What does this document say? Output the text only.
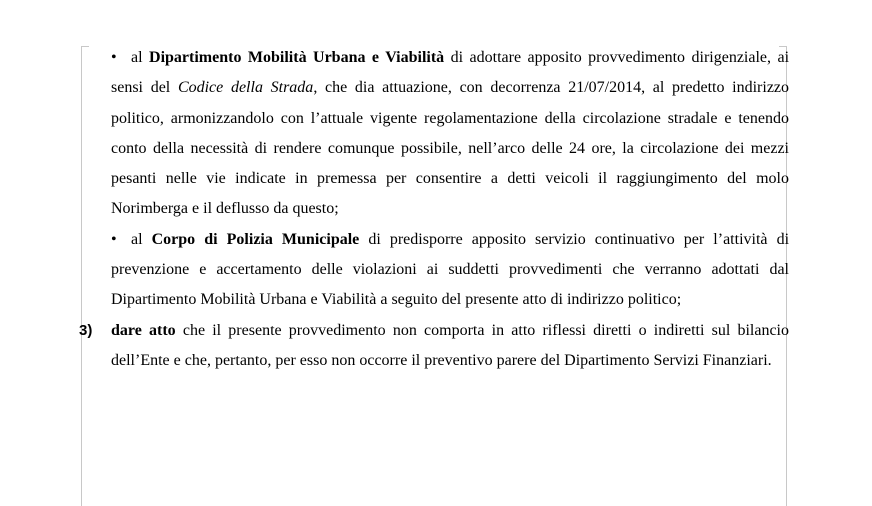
• al Dipartimento Mobilità Urbana e Viabilità di adottare apposito provvedimento dirigenziale, ai sensi del Codice della Strada, che dia attuazione, con decorrenza 21/07/2014, al predetto indirizzo politico, armonizzandolo con l’attuale vigente regolamentazione della circolazione stradale e tenendo conto della necessità di rendere comunque possibile, nell’arco delle 24 ore, la circolazione dei mezzi pesanti nelle vie indicate in premessa per consentire a detti veicoli il raggiungimento del molo Norimberga e il deflusso da questo;

• al Corpo di Polizia Municipale di predisporre apposito servizio continuativo per l’attività di prevenzione e accertamento delle violazioni ai suddetti provvedimenti che verranno adottati dal Dipartimento Mobilità Urbana e Viabilità a seguito del presente atto di indirizzo politico;

3) dare atto che il presente provvedimento non comporta in atto riflessi diretti o indiretti sul bilancio dell’Ente e che, pertanto, per esso non occorre il preventivo parere del Dipartimento Servizi Finanziari.
